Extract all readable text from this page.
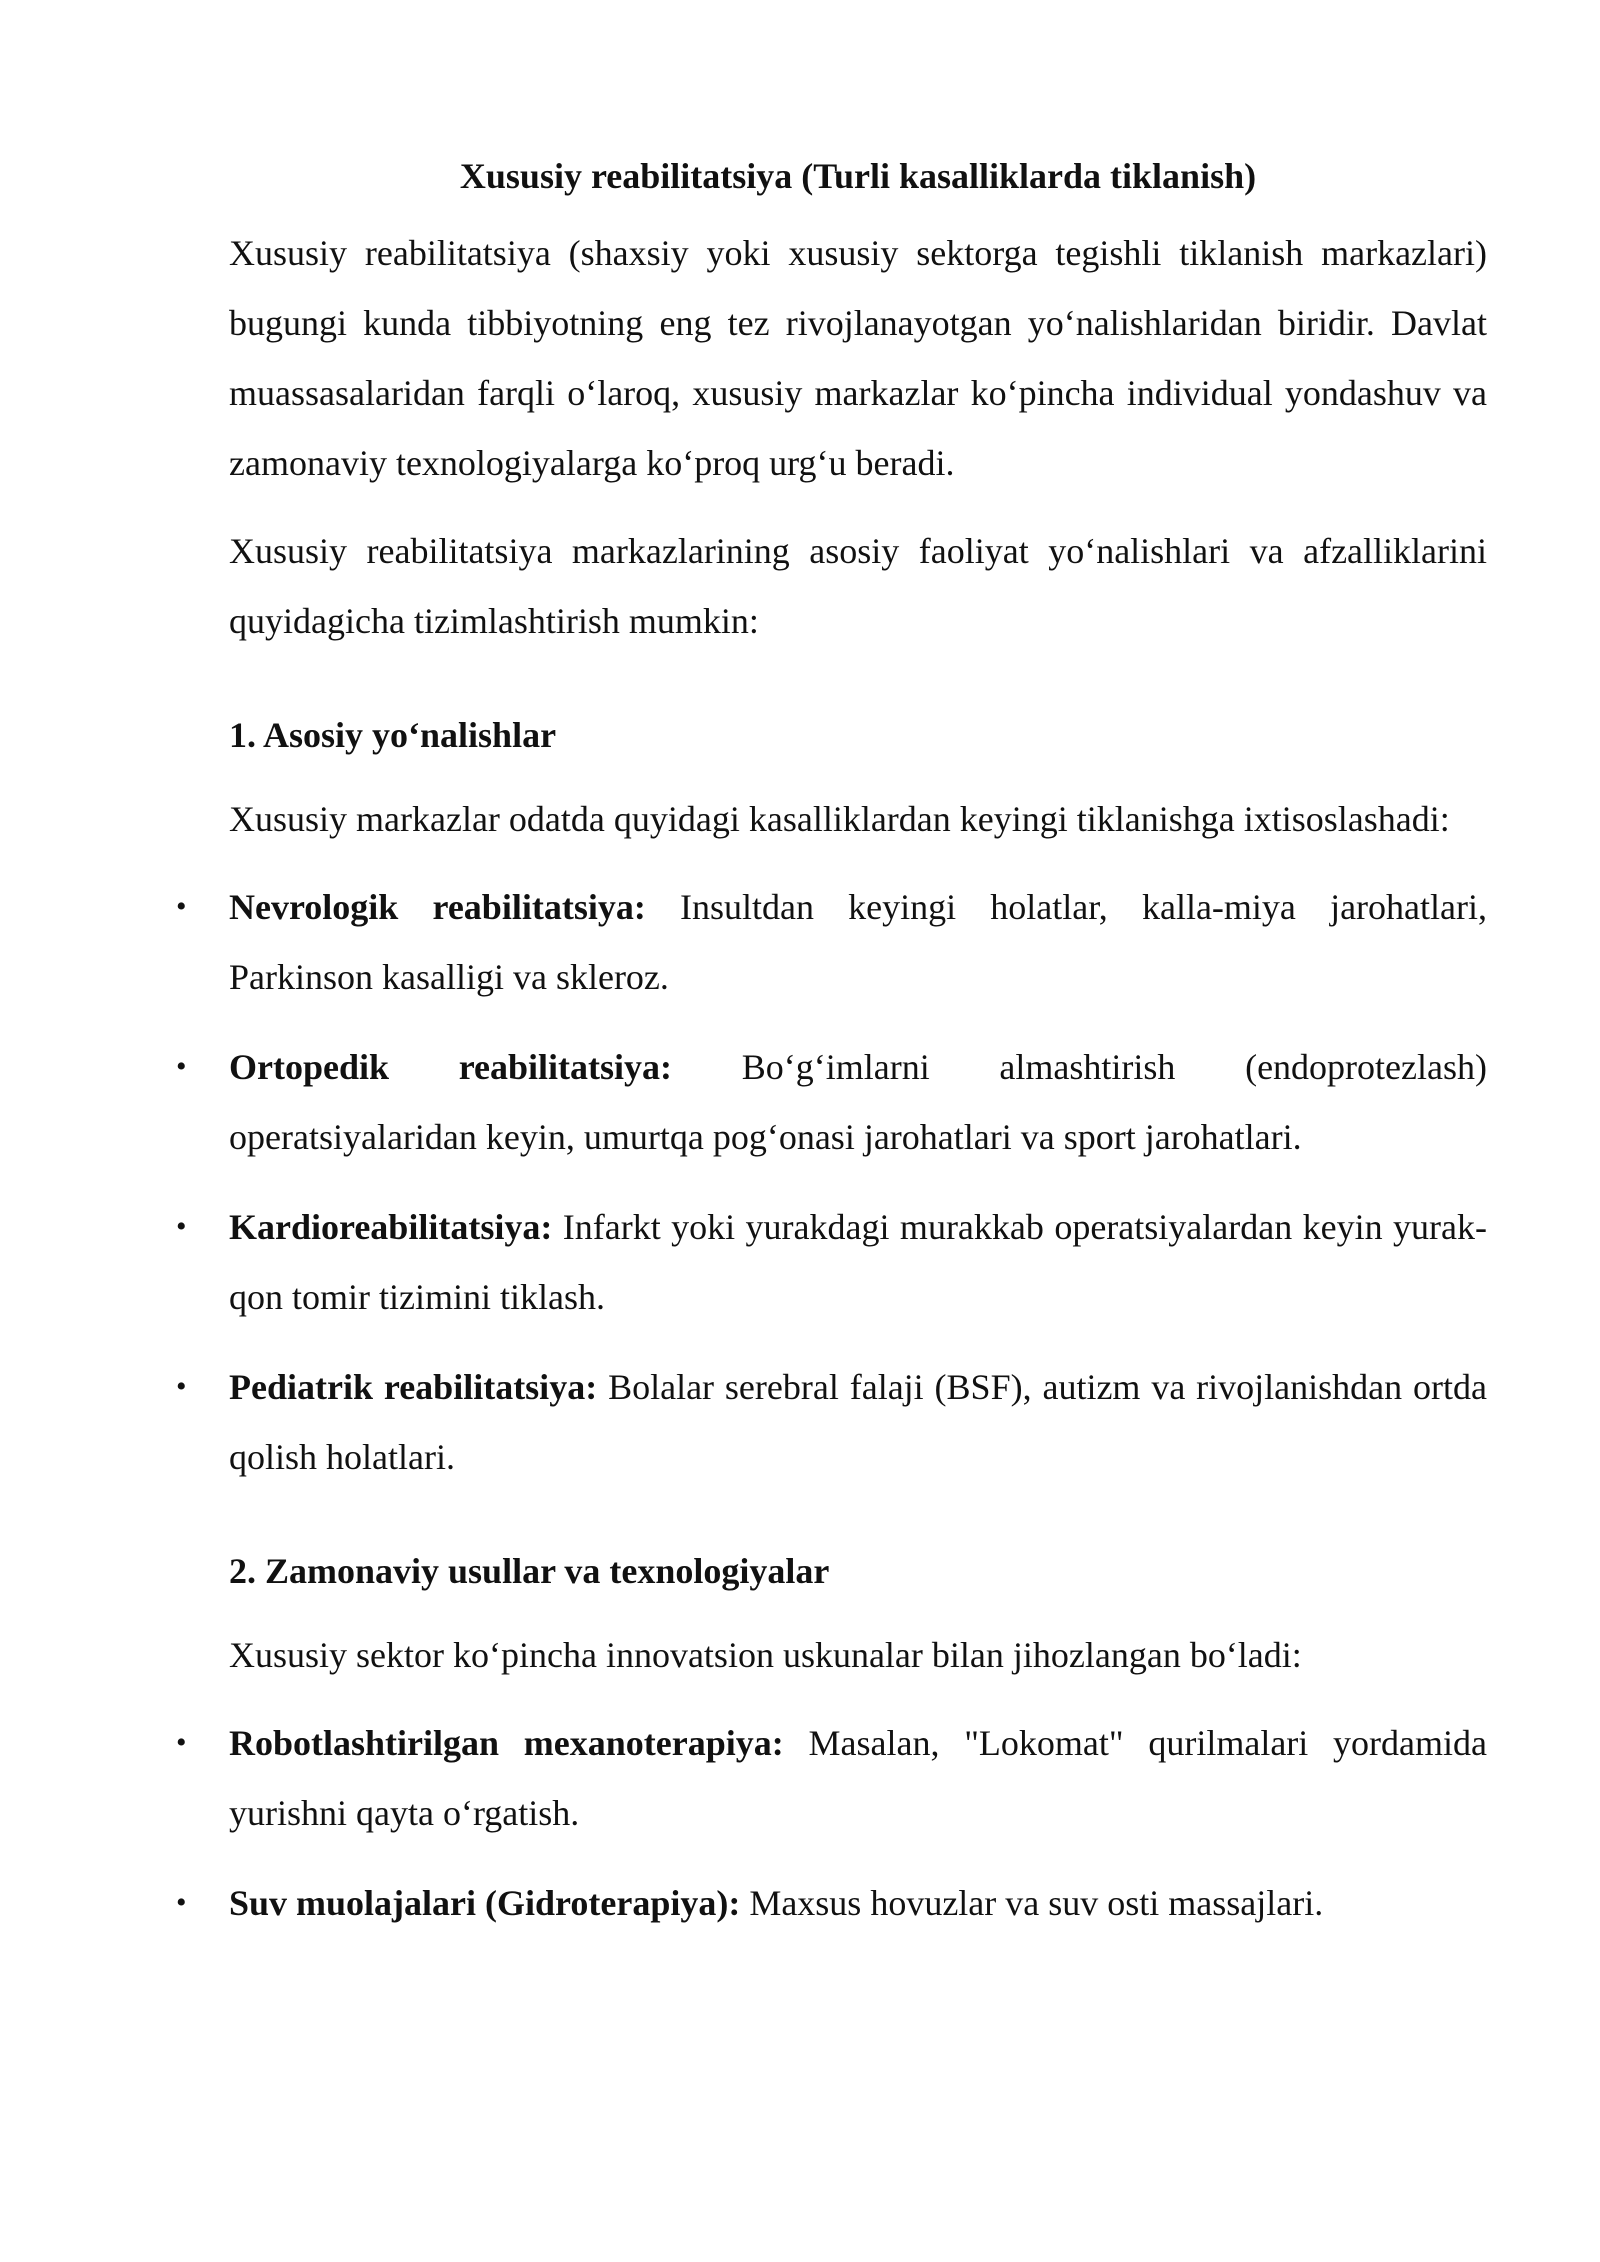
Xususiy reabilitatsiya (Turli kasalliklarda tiklanish)

Xususiy reabilitatsiya (shaxsiy yoki xususiy sektorga tegishli tiklanish markazlari) bugungi kunda tibbiyotning eng tez rivojlanayotgan yo‘nalishlaridan biridir. Davlat muassasalaridan farqli o‘laroq, xususiy markazlar ko‘pincha individual yondashuv va zamonaviy texnologiyalarga ko‘proq urg‘u beradi.

Xususiy reabilitatsiya markazlarining asosiy faoliyat yo‘nalishlari va afzalliklarini quyidagicha tizimlashtirish mumkin:

1. Asosiy yo‘nalishlar

Xususiy markazlar odatda quyidagi kasalliklardan keyingi tiklanishga ixtisoslashadi:

• Nevrologik reabilitatsiya: Insultdan keyingi holatlar, kalla-miya jarohatlari, Parkinson kasalligi va skleroz.
• Ortopedik reabilitatsiya: Bo‘g‘imlarni almashtirish (endoprotezlash) operatsiyalaridan keyin, umurtqa pog‘onasi jarohatlari va sport jarohatlari.
• Kardioreabilitatsiya: Infarkt yoki yurakdagi murakkab operatsiyalardan keyin yurak-qon tomir tizimini tiklash.
• Pediatrik reabilitatsiya: Bolalar serebral falaji (BSF), autizm va rivojlanishdan ortda qolish holatlari.
2. Zamonaviy usullar va texnologiyalar

Xususiy sektor ko‘pincha innovatsion uskunalar bilan jihozlangan bo‘ladi:

• Robotlashtirilgan mexanoterapiya: Masalan, "Lokomat" qurilmalari yordamida yurishni qayta o‘rgatish.
• Suv muolajalari (Gidroterapiya): Maxsus hovuzlar va suv osti massajlari.
